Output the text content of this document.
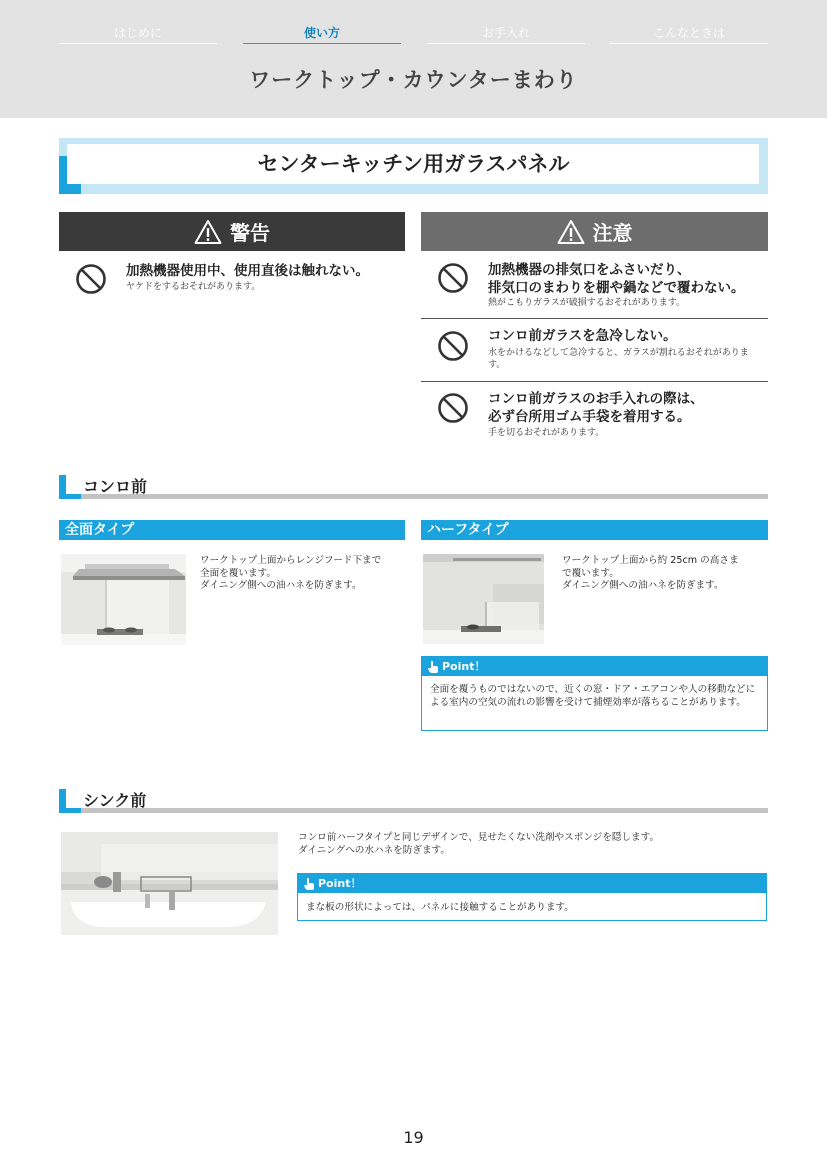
はじめに	使い方	お手入れ	こんなときは
ワークトップ・カウンターまわり
センターキッチン用ガラスパネル
警告
加熱機器使用中、使用直後は触れない。
ヤケドをするおそれがあります。
注意
加熱機器の排気口をふさいだり、
排気口のまわりを棚や鍋などで覆わない。
熱がこもりガラスが破損するおそれがあります。
コンロ前ガラスを急冷しない。
水をかけるなどして急冷すると、ガラスが割れるおそれがあります。
コンロ前ガラスのお手入れの際は、
必ず台所用ゴム手袋を着用する。
手を切るおそれがあります。
コンロ前
全面タイプ	ハーフタイプ
ワークトップ上面からレンジフード下まで
全面を覆います。
ダイニング側への油ハネを防ぎます。
ワークトップ上面から約 25cm の高さま
で覆います。
ダイニング側への油ハネを防ぎます。
Point！
全面を覆うものではないので、近くの窓・ドア・エアコンや人の移動などによる室内の空気の流れの影響を受けて捕煙効率が落ちることがあります。
シンク前
コンロ前ハーフタイプと同じデザインで、見せたくない洗剤やスポンジを隠します。
ダイニングへの水ハネを防ぎます。
Point！
まな板の形状によっては、パネルに接触することがあります。
19
